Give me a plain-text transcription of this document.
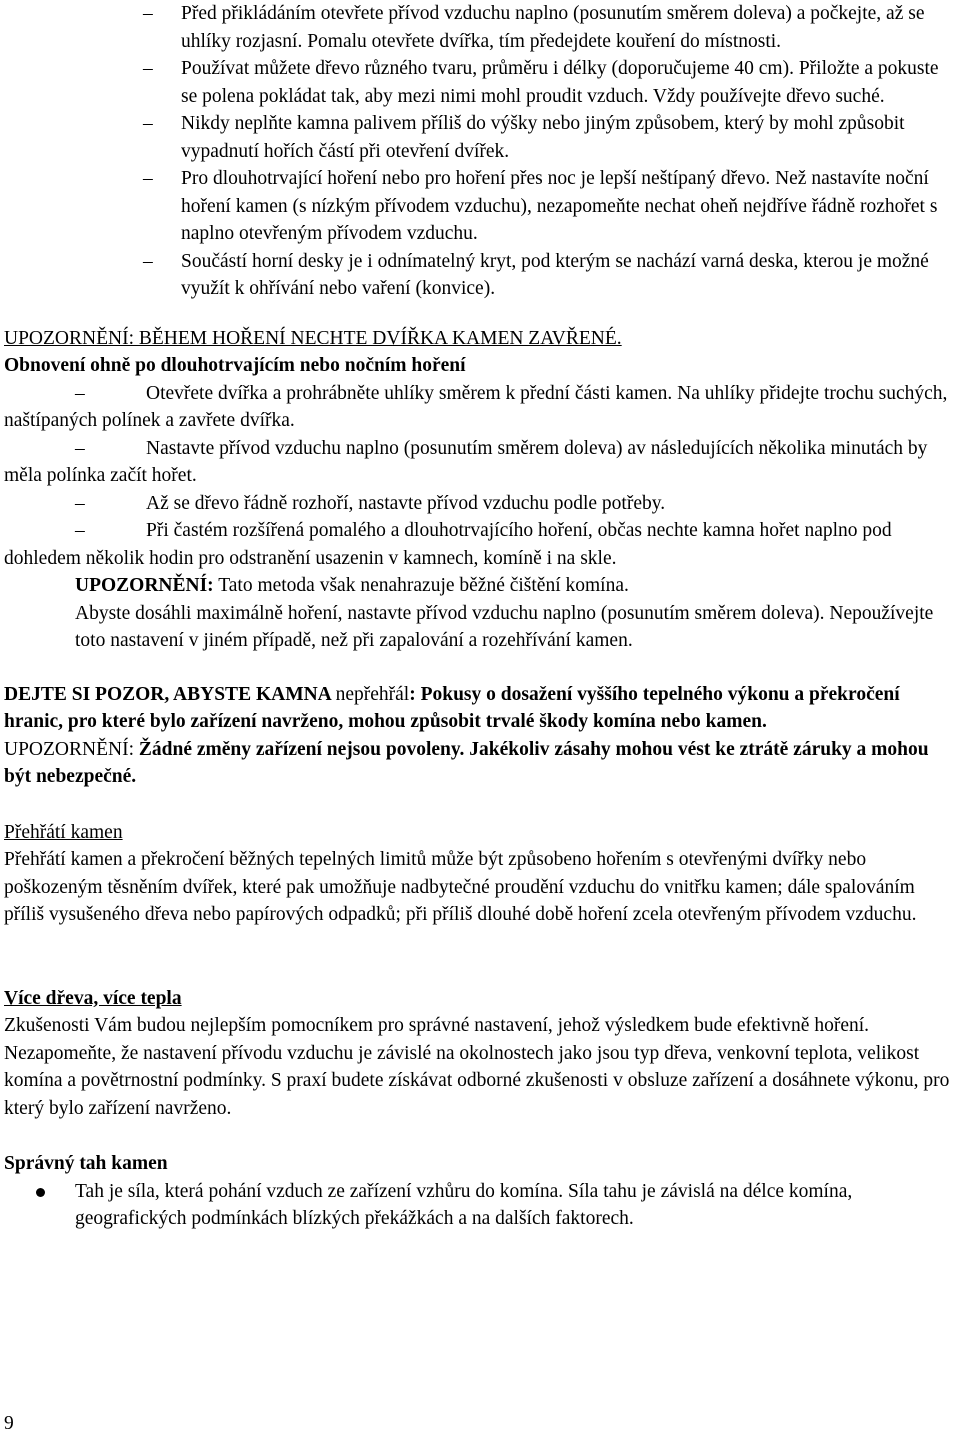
– Před přikládáním otevřete přívod vzduchu naplno (posunutím směrem doleva) a počkejte, až se uhlíky rozjasní. Pomalu otevřete dvířka, tím předejdete kouření do místnosti.
– Používat můžete dřevo různého tvaru, průměru i délky (doporučujeme 40 cm). Přiložte a pokuste se polena pokládat tak, aby mezi nimi mohl proudit vzduch. Vždy používejte dřevo suché.
– Nikdy neplňte kamna palivem příliš do výšky nebo jiným způsobem, který by mohl způsobit vypadnutí hořích částí při otevření dvířek.
– Pro dlouhotrvající hoření nebo pro hoření přes noc je lepší neštípaný dřevo. Než nastavíte noční hoření kamen (s nízkým přívodem vzduchu), nezapomeňte nechat oheň nejdříve řádně rozhořet s naplno otevřeným přívodem vzduchu.
– Součástí horní desky je i odnímatelný kryt, pod kterým se nachází varná deska, kterou je možné využít k ohřívání nebo vaření (konvice).

UPOZORNĚNÍ: BĚHEM HOŘENÍ NECHTE DVÍŘKA KAMEN ZAVŘENÉ.

Obnovení ohně po dlouhotrvajícím nebo nočním hoření

–	Otevřete dvířka a prohrábněte uhlíky směrem k přední části kamen. Na uhlíky přidejte trochu suchých, naštípaných polínek a zavřete dvířka.

–	Nastavte přívod vzduchu naplno (posunutím směrem doleva) av následujících několika minutách by měla polínka začít hořet.

–	Až se dřevo řádně rozhoří, nastavte přívod vzduchu podle potřeby.

–	Při častém rozšířená pomalého a dlouhotrvajícího hoření, občas nechte kamna hořet naplno pod dohledem několik hodin pro odstranění usazenin v kamnech, komíně i na skle.

UPOZORNĚNÍ: Tato metoda však nenahrazuje běžné čištění komína.

Abyste dosáhli maximálně hoření, nastavte přívod vzduchu naplno (posunutím směrem doleva). Nepoužívejte toto nastavení v jiném případě, než při zapalování a rozehřívání kamen.

DEJTE SI POZOR, ABYSTE KAMNA nepřehřál: Pokusy o dosažení vyššího tepelného výkonu a překročení hranic, pro které bylo zařízení navrženo, mohou způsobit trvalé škody komína nebo kamen.

UPOZORNĚNÍ: Žádné změny zařízení nejsou povoleny. Jakékoliv zásahy mohou vést ke ztrátě záruky a mohou být nebezpečné.

Přehřátí kamen

Přehřátí kamen a překročení běžných tepelných limitů může být způsobeno hořením s otevřenými dvířky nebo poškozeným těsněním dvířek, které pak umožňuje nadbytečné proudění vzduchu do vnitřku kamen; dále spalováním příliš vysušeného dřeva nebo papírových odpadků; při příliš dlouhé době hoření zcela otevřeným přívodem vzduchu.

Více dřeva, více tepla

Zkušenosti Vám budou nejlepším pomocníkem pro správné nastavení, jehož výsledkem bude efektivně hoření. Nezapomeňte, že nastavení přívodu vzduchu je závislé na okolnostech jako jsou typ dřeva, venkovní teplota, velikost komína a povětrnostní podmínky. S praxí budete získávat odborné zkušenosti v obsluze zařízení a dosáhnete výkonu, pro který bylo zařízení navrženo.

Správný tah kamen

Tah je síla, která pohání vzduch ze zařízení vzhůru do komína. Síla tahu je závislá na délce komína, geografických podmínkách blízkých překážkách a na dalších faktorech.
9
